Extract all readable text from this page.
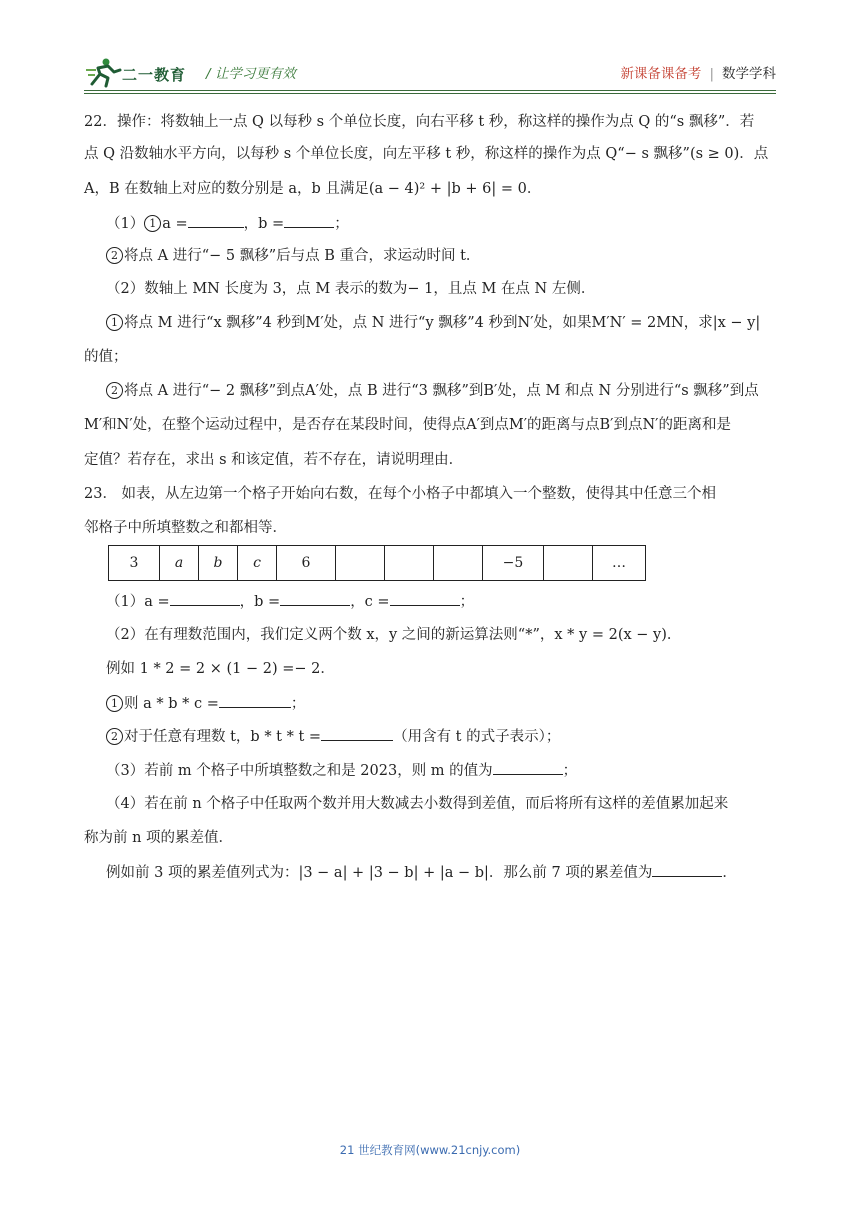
二一教育 / 让学习更有效	新课备课备考 | 数学学科
22．操作：将数轴上一点 Q 以每秒 s 个单位长度，向右平移 t 秒，称这样的操作为点 Q 的“s 飘移”．若
点 Q 沿数轴水平方向，以每秒 s 个单位长度，向左平移 t 秒，称这样的操作为点 Q“− s 飘移”(s ≥ 0)．点
A，B 在数轴上对应的数分别是 a，b 且满足(a − 4)² + |b + 6| = 0．
（1） 1 a =	，b =	；
2 将点 A 进行“− 5 飘移”后与点 B 重合，求运动时间 t．
（2）数轴上 MN 长度为 3，点 M 表示的数为− 1，且点 M 在点 N 左侧．
1 将点 M 进行“x 飘移”4 秒到M′处，点 N 进行“y 飘移”4 秒到N′处，如果M′N′ = 2MN，求|x − y|
的值；
2 将点 A 进行“− 2 飘移”到点A′处，点 B 进行“3 飘移”到B′处，点 M 和点 N 分别进行“s 飘移”到点
M′和N′处，在整个运动过程中，是否存在某段时间，使得点A′到点M′的距离与点B′到点N′的距离和是
定值？若存在，求出 s 和该定值，若不存在，请说明理由．
23． 如表，从左边第一个格子开始向右数，在每个小格子中都填入一个整数，使得其中任意三个相
邻格子中所填整数之和都相等．
3	a	b	c	6				−5		…
（1）a =	，b =	，c =	；
（2）在有理数范围内，我们定义两个数 x，y 之间的新运算法则“*”，x * y = 2(x − y)．
例如 1 * 2 = 2 × (1 − 2) =− 2．
1 则 a * b * c =	；
2 对于任意有理数 t，b * t * t =	（用含有 t 的式子表示）；
（3）若前 m 个格子中所填整数之和是 2023，则 m 的值为	；
（4）若在前 n 个格子中任取两个数并用大数减去小数得到差值，而后将所有这样的差值累加起来
称为前 n 项的累差值．
例如前 3 项的累差值列式为：|3 − a| + |3 − b| + |a − b|．那么前 7 项的累差值为	．
21 世纪教育网(www.21cnjy.com)
